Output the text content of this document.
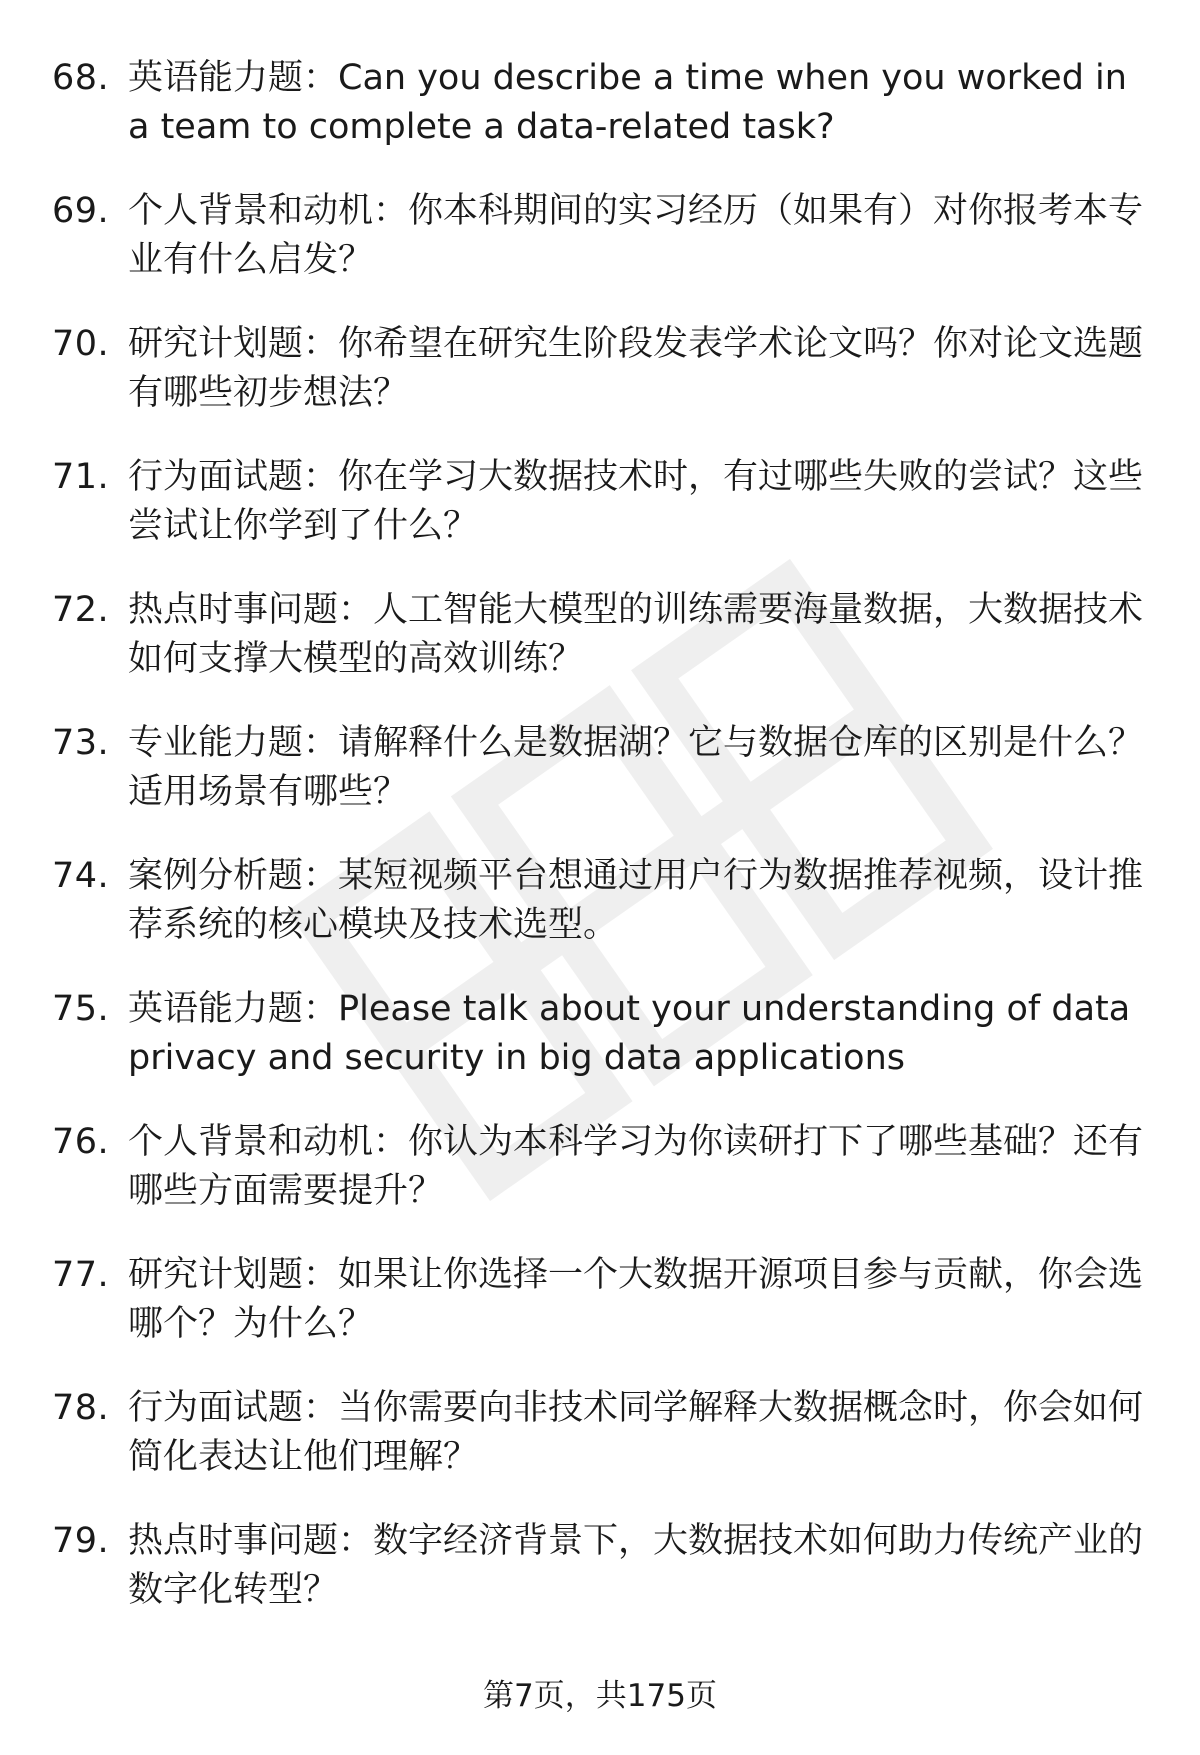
68. 英语能力题：Can you describe a time when you worked in a team to complete a data-related task?
69. 个人背景和动机：你本科期间的实习经历（如果有）对你报考本专业有什么启发？
70. 研究计划题：你希望在研究生阶段发表学术论文吗？你对论文选题有哪些初步想法？
71. 行为面试题：你在学习大数据技术时，有过哪些失败的尝试？这些尝试让你学到了什么？
72. 热点时事问题：人工智能大模型的训练需要海量数据，大数据技术如何支撑大模型的高效训练？
73. 专业能力题：请解释什么是数据湖？它与数据仓库的区别是什么？适用场景有哪些？
74. 案例分析题：某短视频平台想通过用户行为数据推荐视频，设计推荐系统的核心模块及技术选型。
75. 英语能力题：Please talk about your understanding of data privacy and security in big data applications
76. 个人背景和动机：你认为本科学习为你读研打下了哪些基础？还有哪些方面需要提升？
77. 研究计划题：如果让你选择一个大数据开源项目参与贡献，你会选哪个？为什么？
78. 行为面试题：当你需要向非技术同学解释大数据概念时，你会如何简化表达让他们理解？
79. 热点时事问题：数字经济背景下，大数据技术如何助力传统产业的数字化转型？
第7页，共175页
